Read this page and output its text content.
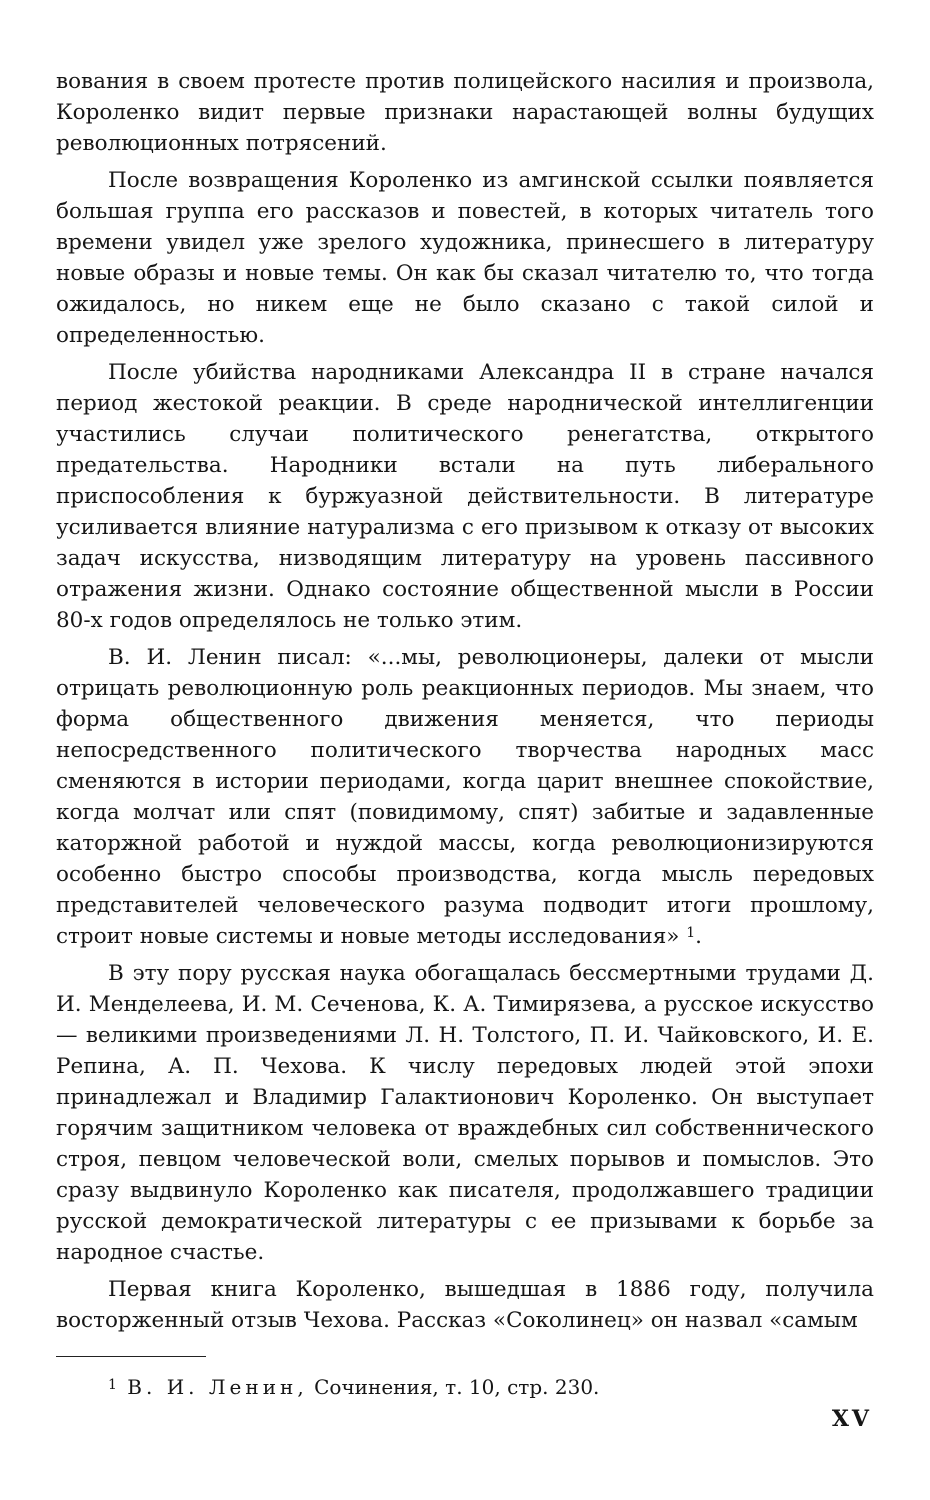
вования в своем протесте против полицейского насилия и произвола, Короленко видит первые признаки нарастающей волны будущих революционных потрясений.

После возвращения Короленко из амгинской ссылки появляется большая группа его рассказов и повестей, в которых читатель того времени увидел уже зрелого художника, принесшего в литературу новые образы и новые темы. Он как бы сказал читателю то, что тогда ожидалось, но никем еще не было сказано с такой силой и определенностью.

После убийства народниками Александра II в стране начался период жестокой реакции. В среде народнической интеллигенции участились случаи политического ренегатства, открытого предательства. Народники встали на путь либерального приспособления к буржуазной действительности. В литературе усиливается влияние натурализма с его призывом к отказу от высоких задач искусства, низводящим литературу на уровень пассивного отражения жизни. Однако состояние общественной мысли в России 80-х годов определялось не только этим.

В. И. Ленин писал: «...мы, революционеры, далеки от мысли отрицать революционную роль реакционных периодов. Мы знаем, что форма общественного движения меняется, что периоды непосредственного политического творчества народных масс сменяются в истории периодами, когда царит внешнее спокойствие, когда молчат или спят (повидимому, спят) забитые и задавленные каторжной работой и нуждой массы, когда революционизируются особенно быстро способы производства, когда мысль передовых представителей человеческого разума подводит итоги прошлому, строит новые системы и новые методы исследования» $^1$.

В эту пору русская наука обогащалась бессмертными трудами Д. И. Менделеева, И. М. Сеченова, К. А. Тимирязева, а русское искусство — великими произведениями Л. Н. Толстого, П. И. Чайковского, И. Е. Репина, А. П. Чехова. К числу передовых людей этой эпохи принадлежал и Владимир Галактионович Короленко. Он выступает горячим защитником человека от враждебных сил собственнического строя, певцом человеческой воли, смелых порывов и помыслов. Это сразу выдвинуло Короленко как писателя, продолжавшего традиции русской демократической литературы с ее призывами к борьбе за народное счастье.

Первая книга Короленко, вышедшая в 1886 году, получила восторженный отзыв Чехова. Рассказ «Соколинец» он назвал «самым

$^1$ В. И. Ленин, Сочинения, т. 10, стр. 230.

XV
